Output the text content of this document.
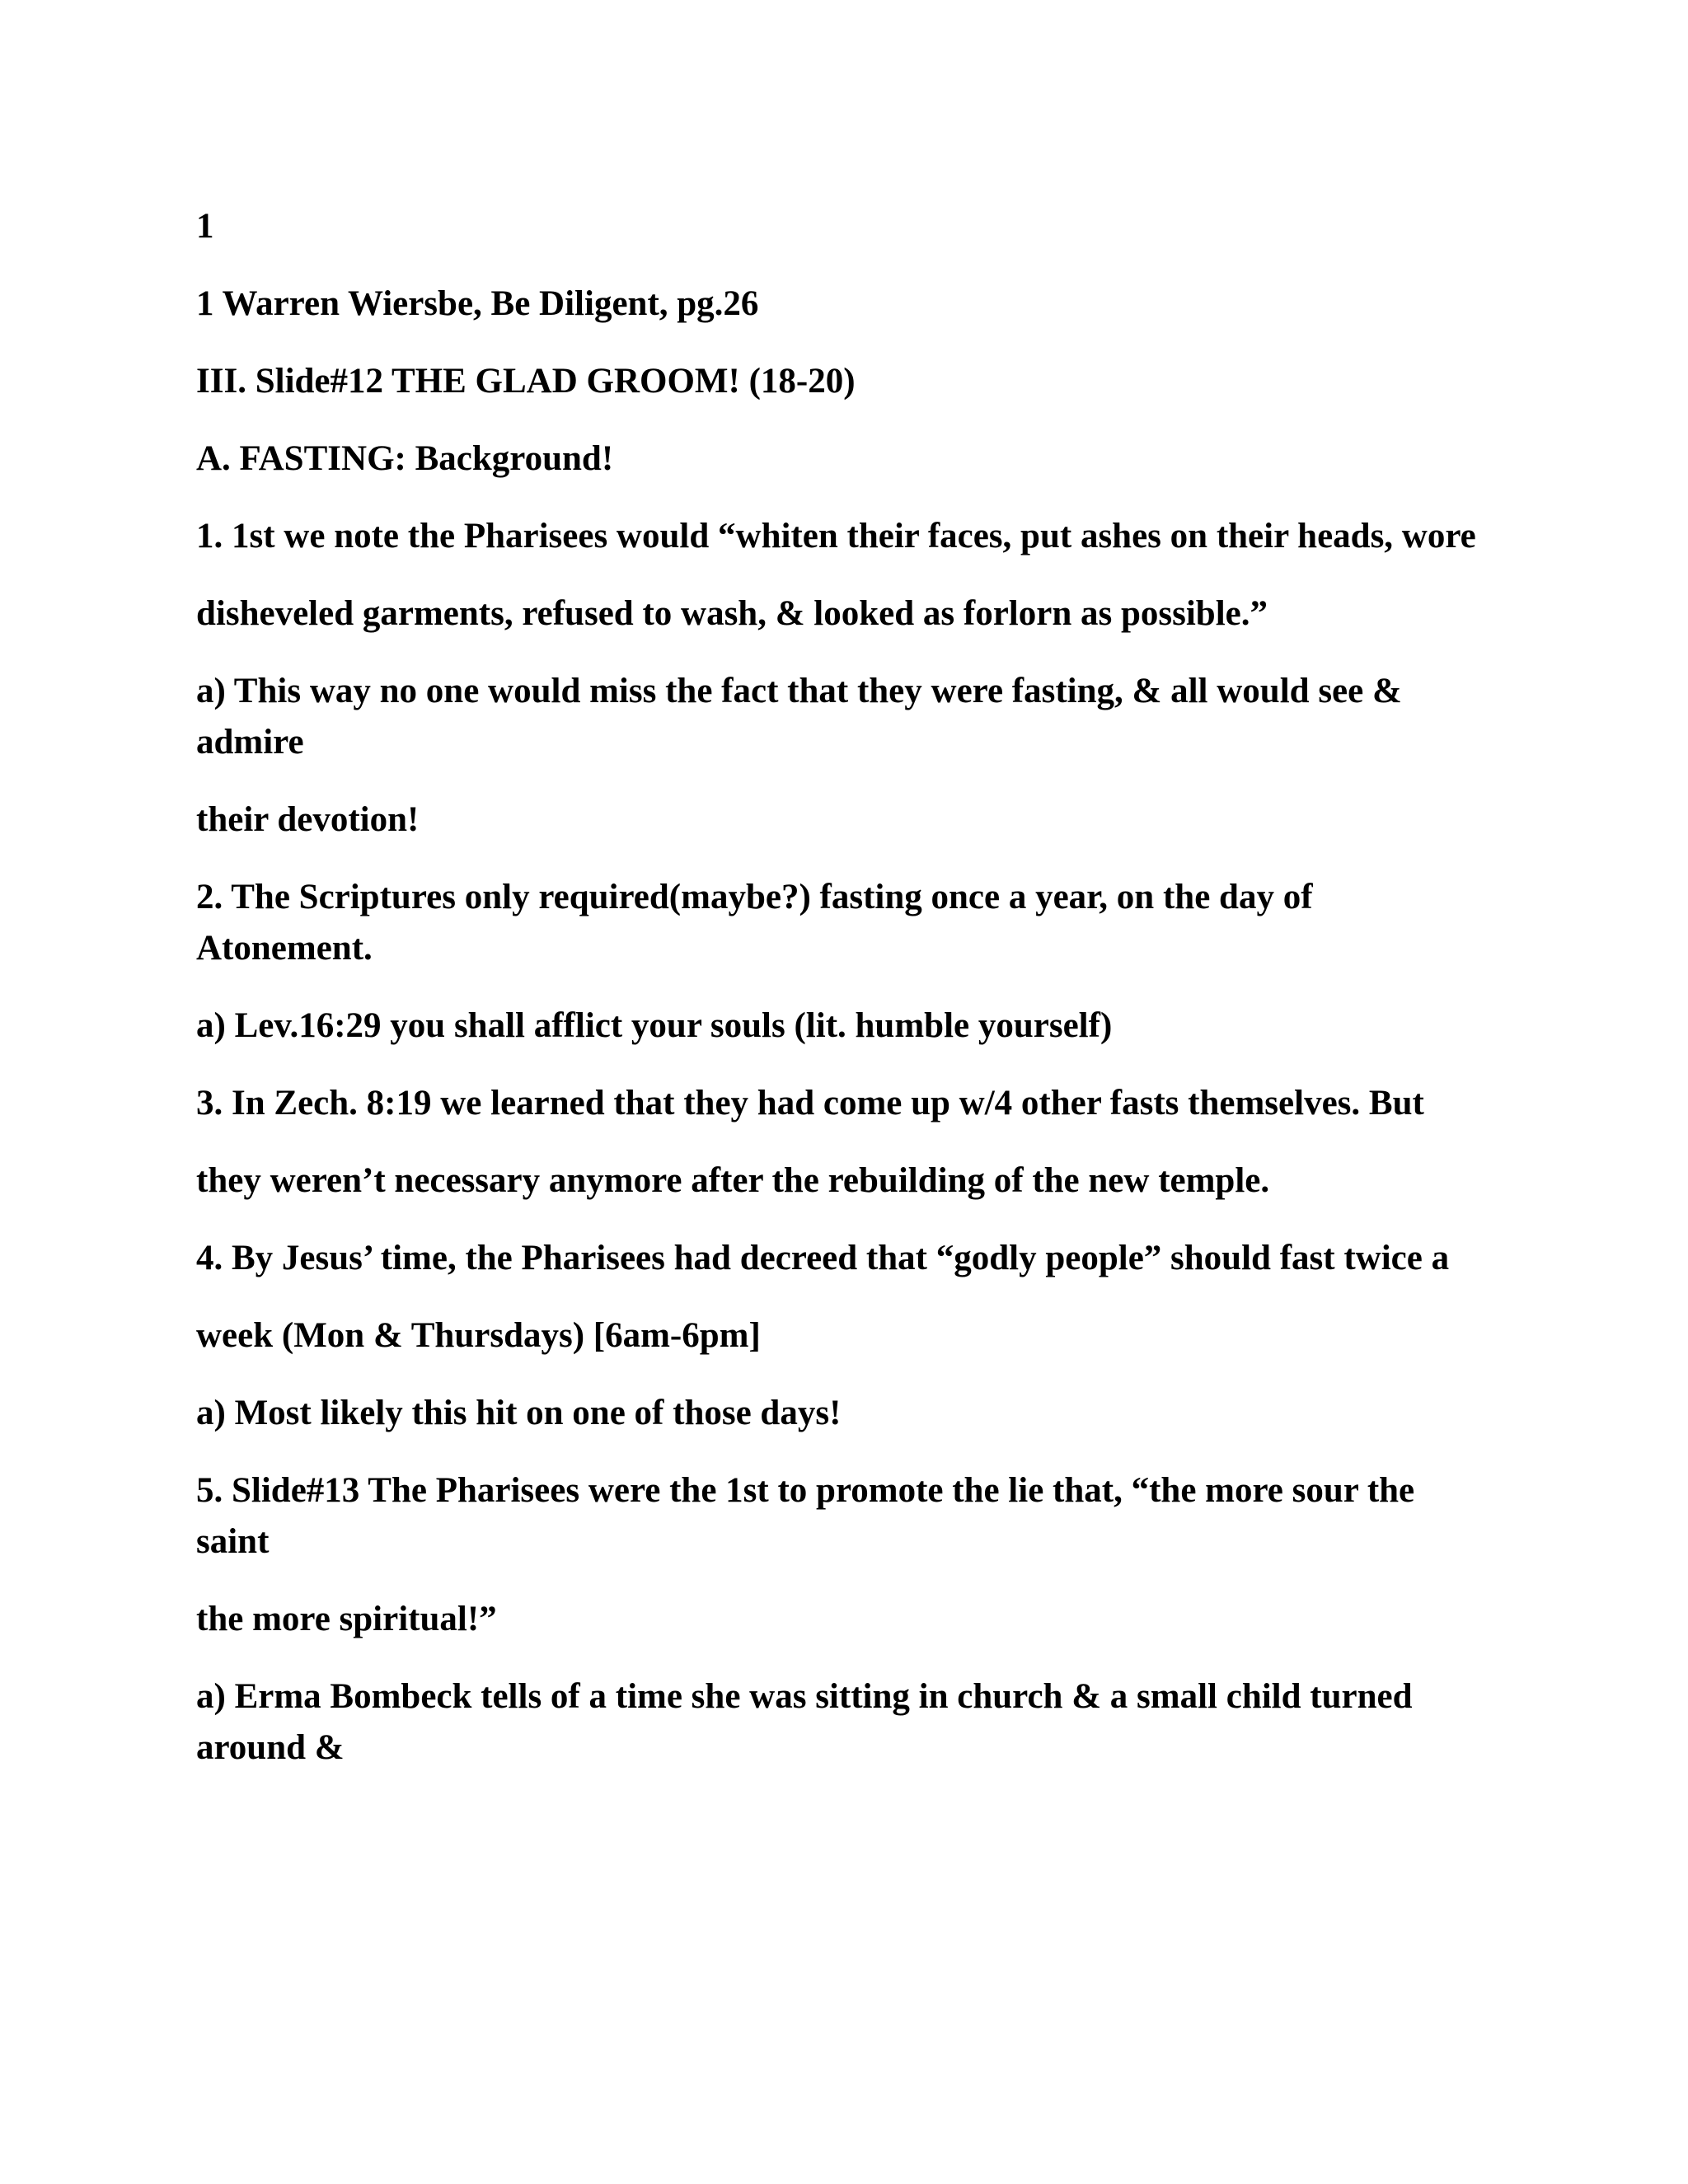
1

1 Warren Wiersbe, Be Diligent, pg.26

III. Slide#12 THE GLAD GROOM! (18-20)

A. FASTING: Background!

1. 1st we note the Pharisees would “whiten their faces, put ashes on their heads, wore

disheveled garments, refused to wash, & looked as forlorn as possible.”

a) This way no one would miss the fact that they were fasting, & all would see & admire

their devotion!

2. The Scriptures only required(maybe?) fasting once a year, on the day of Atonement.

a) Lev.16:29 you shall afflict your souls (lit. humble yourself)

3. In Zech. 8:19 we learned that they had come up w/4 other fasts themselves. But

they weren’t necessary anymore after the rebuilding of the new temple.

4. By Jesus’ time, the Pharisees had decreed that “godly people” should fast twice a

week (Mon & Thursdays) [6am-6pm]

a) Most likely this hit on one of those days!

5. Slide#13 The Pharisees were the 1st to promote the lie that, “the more sour the saint

the more spiritual!”

a) Erma Bombeck tells of a time she was sitting in church & a small child turned around &
